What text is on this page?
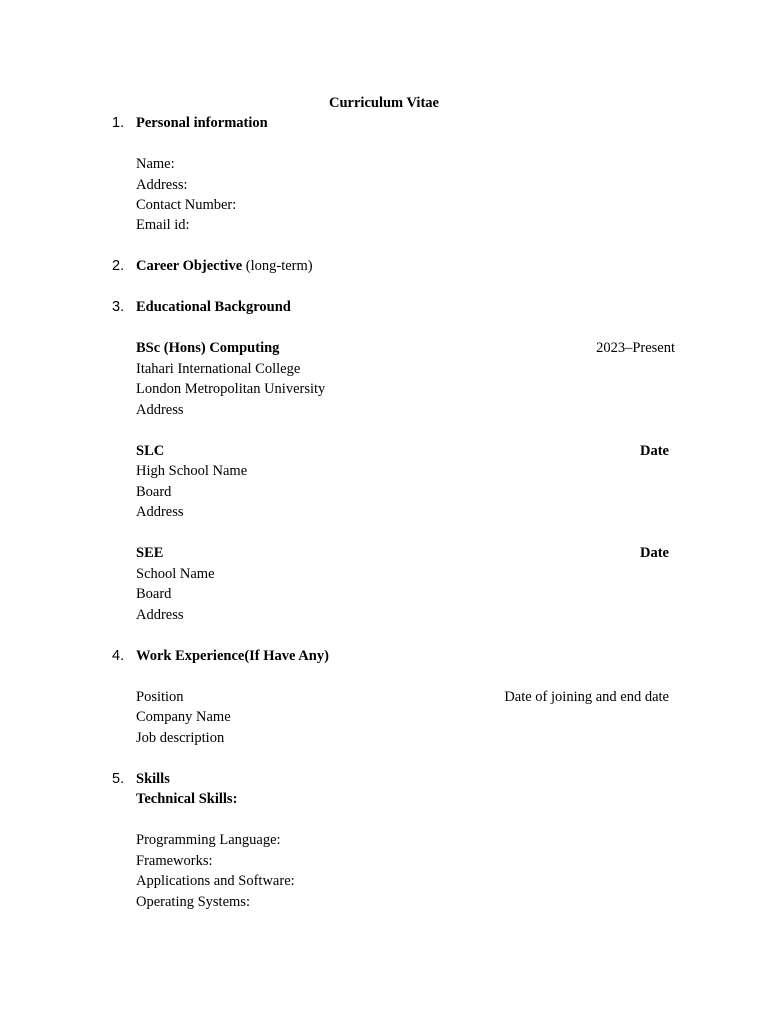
Curriculum Vitae
1. Personal information
Name:
Address:
Contact Number:
Email id:
2. Career Objective (long-term)
3. Educational Background
BSc (Hons) Computing	2023–Present
Itahari International College
London Metropolitan University
Address
SLC	Date
High School Name
Board
Address
SEE	Date
School Name
Board
Address
4. Work Experience(If Have Any)
Position	Date of joining and end date
Company Name
Job description
5. Skills
Technical Skills:
Programming Language:
Frameworks:
Applications and Software:
Operating Systems:
